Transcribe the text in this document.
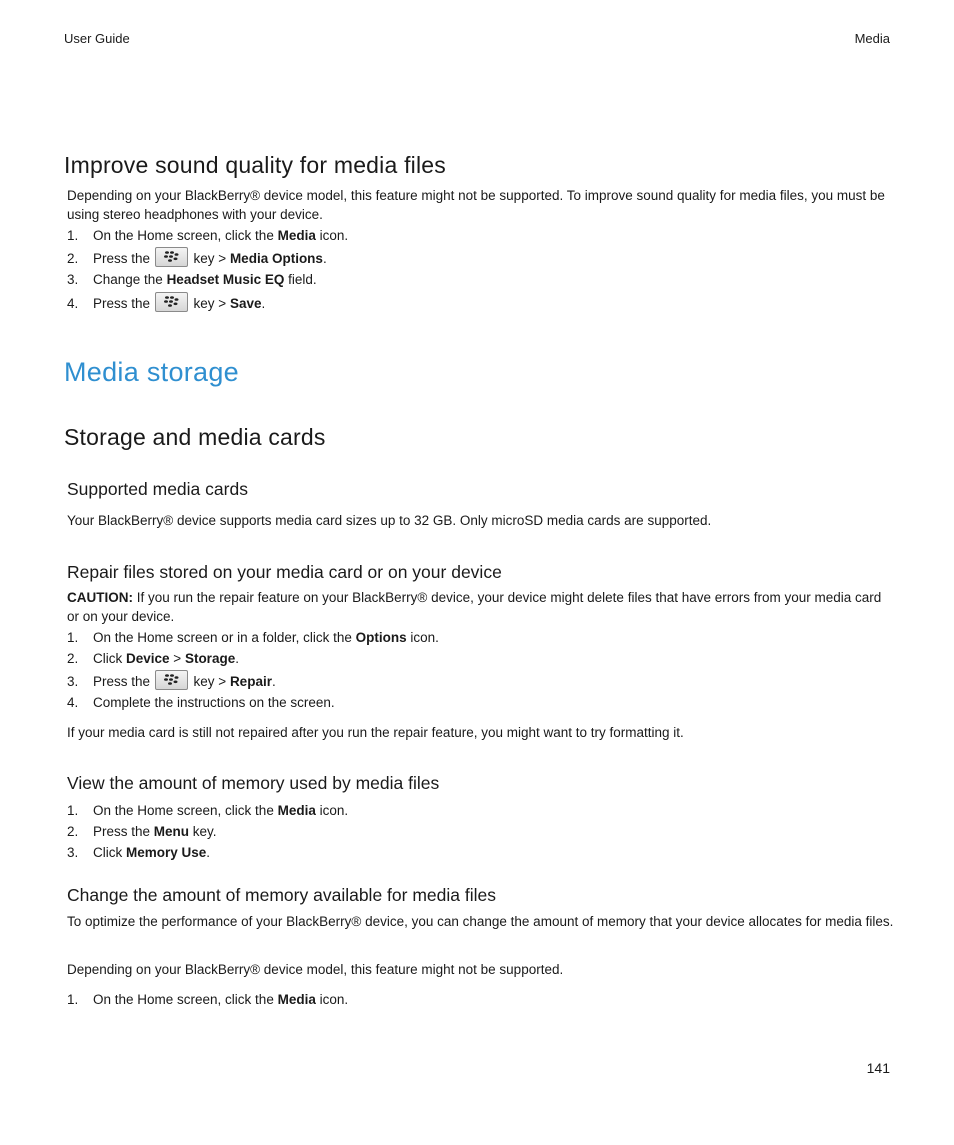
User Guide	Media
Improve sound quality for media files

Depending on your BlackBerry® device model, this feature might not be supported. To improve sound quality for media files, you must be using stereo headphones with your device.

1. On the Home screen, click the Media icon.
2. Press the	key > Media Options.
3. Change the Headset Music EQ field.
4. Press the	key > Save.
Media storage
Storage and media cards
Supported media cards

Your BlackBerry® device supports media card sizes up to 32 GB. Only microSD media cards are supported.

Repair files stored on your media card or on your device

CAUTION: If you run the repair feature on your BlackBerry® device, your device might delete files that have errors from your media card or on your device.

1. On the Home screen or in a folder, click the Options icon.
2. Click Device > Storage.
3. Press the	key > Repair.
4. Complete the instructions on the screen.

If your media card is still not repaired after you run the repair feature, you might want to try formatting it.

View the amount of memory used by media files
1. On the Home screen, click the Media icon.
2. Press the Menu key.
3. Click Memory Use.
Change the amount of memory available for media files

To optimize the performance of your BlackBerry® device, you can change the amount of memory that your device allocates for media files.

Depending on your BlackBerry® device model, this feature might not be supported.

1. On the Home screen, click the Media icon.
141
